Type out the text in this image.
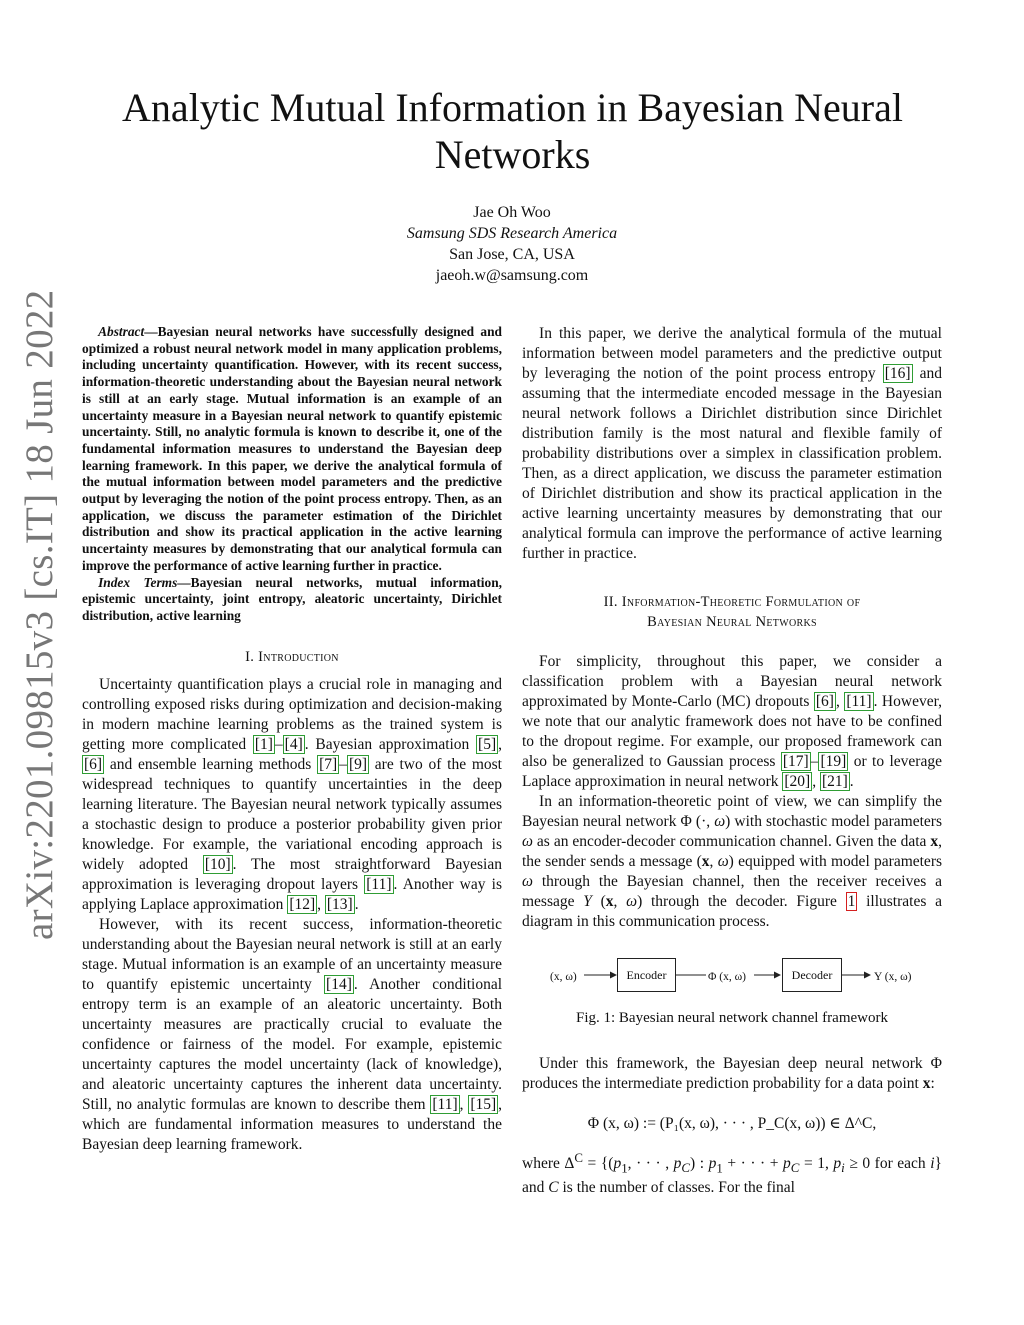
arXiv:2201.09815v3 [cs.IT] 18 Jun 2022
Analytic Mutual Information in Bayesian Neural Networks
Jae Oh Woo
Samsung SDS Research America
San Jose, CA, USA
jaeoh.w@samsung.com

Abstract—Bayesian neural networks have successfully designed and optimized a robust neural network model in many application problems, including uncertainty quantification. However, with its recent success, information-theoretic understanding about the Bayesian neural network is still at an early stage. Mutual information is an example of an uncertainty measure in a Bayesian neural network to quantify epistemic uncertainty. Still, no analytic formula is known to describe it, one of the fundamental information measures to understand the Bayesian deep learning framework. In this paper, we derive the analytical formula of the mutual information between model parameters and the predictive output by leveraging the notion of the point process entropy. Then, as an application, we discuss the parameter estimation of the Dirichlet distribution and show its practical application in the active learning uncertainty measures by demonstrating that our analytical formula can improve the performance of active learning further in practice.

Index Terms—Bayesian neural networks, mutual information, epistemic uncertainty, joint entropy, aleatoric uncertainty, Dirichlet distribution, active learning

I. Introduction

Uncertainty quantification plays a crucial role in managing and controlling exposed risks during optimization and decision-making in modern machine learning problems as the trained system is getting more complicated [1] – [4] . Bayesian approximation [5] , [6] and ensemble learning methods [7] – [9] are two of the most widespread techniques to quantify uncertainties in the deep learning literature. The Bayesian neural network typically assumes a stochastic design to produce a posterior probability given prior knowledge. For example, the variational encoding approach is widely adopted [10] . The most straightforward Bayesian approximation is leveraging dropout layers [11] . Another way is applying Laplace approximation [12] , [13] .

However, with its recent success, information-theoretic understanding about the Bayesian neural network is still at an early stage. Mutual information is an example of an uncertainty measure to quantify epistemic uncertainty [14] . Another conditional entropy term is an example of an aleatoric uncertainty. Both uncertainty measures are practically crucial to evaluate the confidence or fairness of the model. For example, epistemic uncertainty captures the model uncertainty (lack of knowledge), and aleatoric uncertainty captures the inherent data uncertainty. Still, no analytic formulas are known to describe them [11] , [15] , which are fundamental information measures to understand the Bayesian deep learning framework.

In this paper, we derive the analytical formula of the mutual information between model parameters and the predictive output by leveraging the notion of the point process entropy [16] and assuming that the intermediate encoded message in the Bayesian neural network follows a Dirichlet distribution since Dirichlet distribution family is the most natural and flexible family of probability distributions over a simplex in classification problem. Then, as a direct application, we discuss the parameter estimation of Dirichlet distribution and show its practical application in the active learning uncertainty measures by demonstrating that our analytical formula can improve the performance of active learning further in practice.

II. Information-Theoretic Formulation of
Bayesian Neural Networks

For simplicity, throughout this paper, we consider a classification problem with a Bayesian neural network approximated by Monte-Carlo (MC) dropouts [6] , [11] . However, we note that our analytic framework does not have to be confined to the dropout regime. For example, our proposed framework can also be generalized to Gaussian process [17] – [19] or to leverage Laplace approximation in neural network [20] , [21] .

In an information-theoretic point of view, we can simplify the Bayesian neural network Φ (·, ω) with stochastic model parameters ω as an encoder-decoder communication channel. Given the data x, the sender sends a message (x, ω) equipped with model parameters ω through the Bayesian channel, then the receiver receives a message Y (x, ω) through the decoder. Figure 1 illustrates a diagram in this communication process.

(x, ω)	Encoder	Φ (x, ω)	Decoder	Y (x, ω)
Fig. 1: Bayesian neural network channel framework

Under this framework, the Bayesian deep neural network Φ produces the intermediate prediction probability for a data point x:

Φ (x, ω) := (P₁(x, ω), · · · , P_C(x, ω)) ∈ Δ^C,

where $\Delta^C = \{(p_1$, · · · , $p_C$) : $p_1$ + · · · + $p_C = 1$, $p_i \ge 0$ for each i} and C is the number of classes. For the final
